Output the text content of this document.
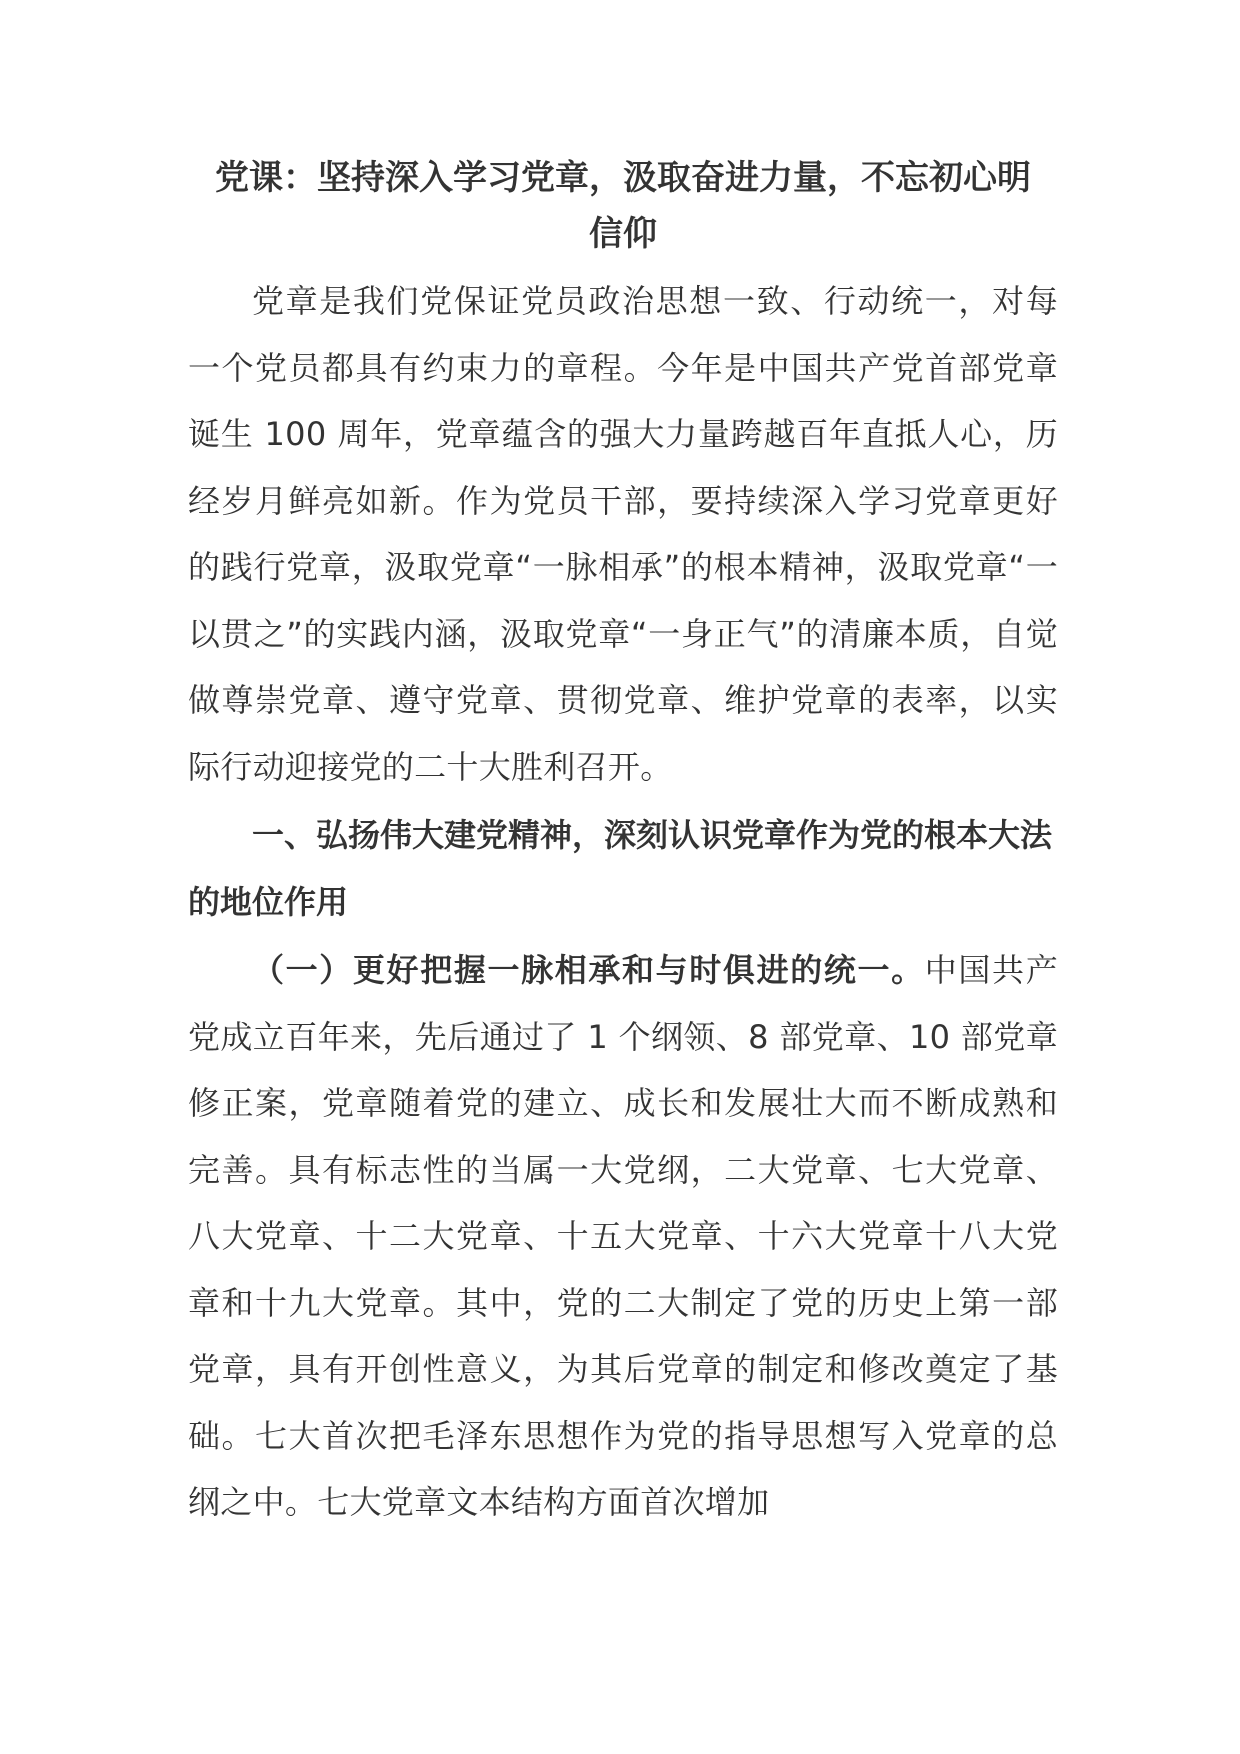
党课：坚持深入学习党章，汲取奋进力量，不忘初心明信仰

党章是我们党保证党员政治思想一致、行动统一，对每一个党员都具有约束力的章程。今年是中国共产党首部党章诞生 100 周年，党章蕴含的强大力量跨越百年直抵人心，历经岁月鲜亮如新。作为党员干部，要持续深入学习党章更好的践行党章，汲取党章“一脉相承”的根本精神，汲取党章“一以贯之”的实践内涵，汲取党章“一身正气”的清廉本质，自觉做尊崇党章、遵守党章、贯彻党章、维护党章的表率，以实际行动迎接党的二十大胜利召开。

一、弘扬伟大建党精神，深刻认识党章作为党的根本大法的地位作用

（一）更好把握一脉相承和与时俱进的统一。中国共产党成立百年来，先后通过了 1 个纲领、8 部党章、10 部党章修正案，党章随着党的建立、成长和发展壮大而不断成熟和完善。具有标志性的当属一大党纲，二大党章、七大党章、八大党章、十二大党章、十五大党章、十六大党章十八大党章和十九大党章。其中，党的二大制定了党的历史上第一部党章，具有开创性意义，为其后党章的制定和修改奠定了基础。七大首次把毛泽东思想作为党的指导思想写入党章的总纲之中。七大党章文本结构方面首次增加
